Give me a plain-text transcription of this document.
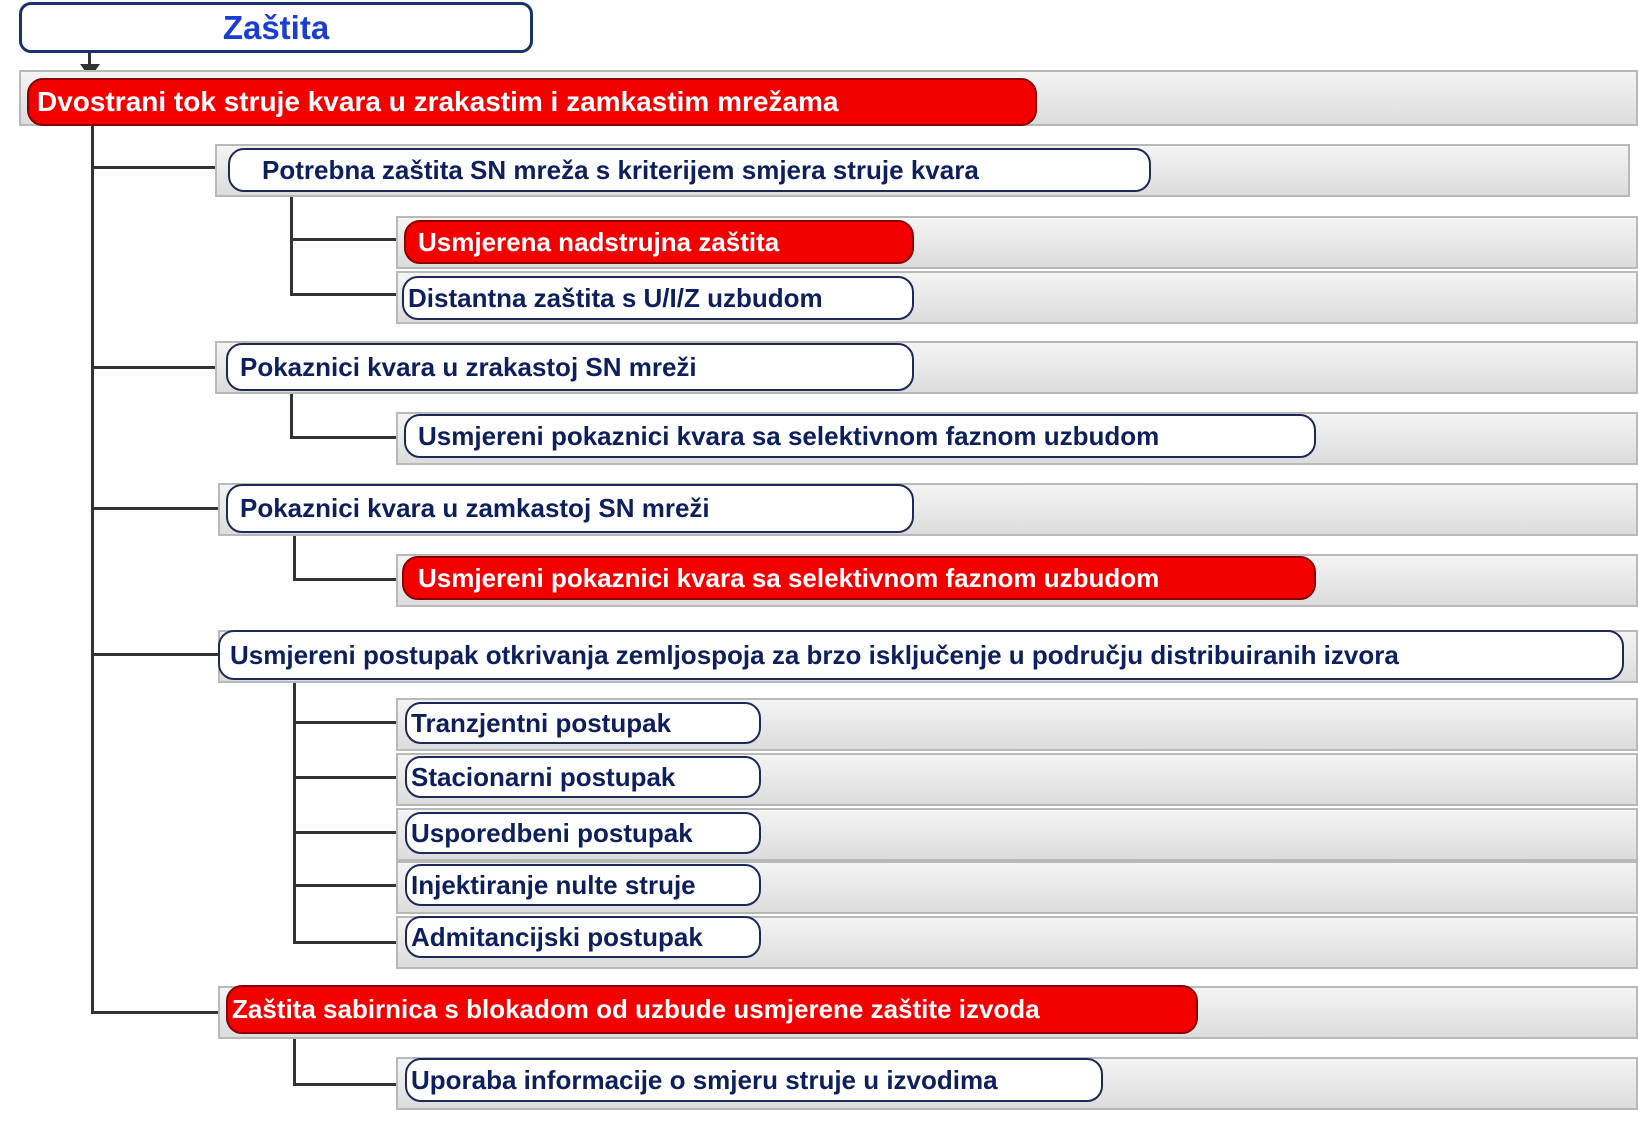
Zaštita
Dvostrani tok struje kvara u zrakastim i zamkastim mrežama
Potrebna zaštita SN mreža s kriterijem smjera struje kvara
Usmjerena nadstrujna zaštita
Distantna zaštita s U/I/Z uzbudom
Pokaznici kvara u zrakastoj SN mreži
Usmjereni pokaznici kvara sa selektivnom faznom uzbudom
Pokaznici kvara u zamkastoj SN mreži
Usmjereni pokaznici kvara sa selektivnom faznom uzbudom
Usmjereni postupak otkrivanja zemljospoja za brzo isključenje u području distribuiranih izvora
Tranzjentni postupak
Stacionarni postupak
Usporedbeni postupak
Injektiranje nulte struje
Admitancijski postupak
Zaštita sabirnica s blokadom od uzbude usmjerene zaštite izvoda
Uporaba informacije o smjeru struje u izvodima
